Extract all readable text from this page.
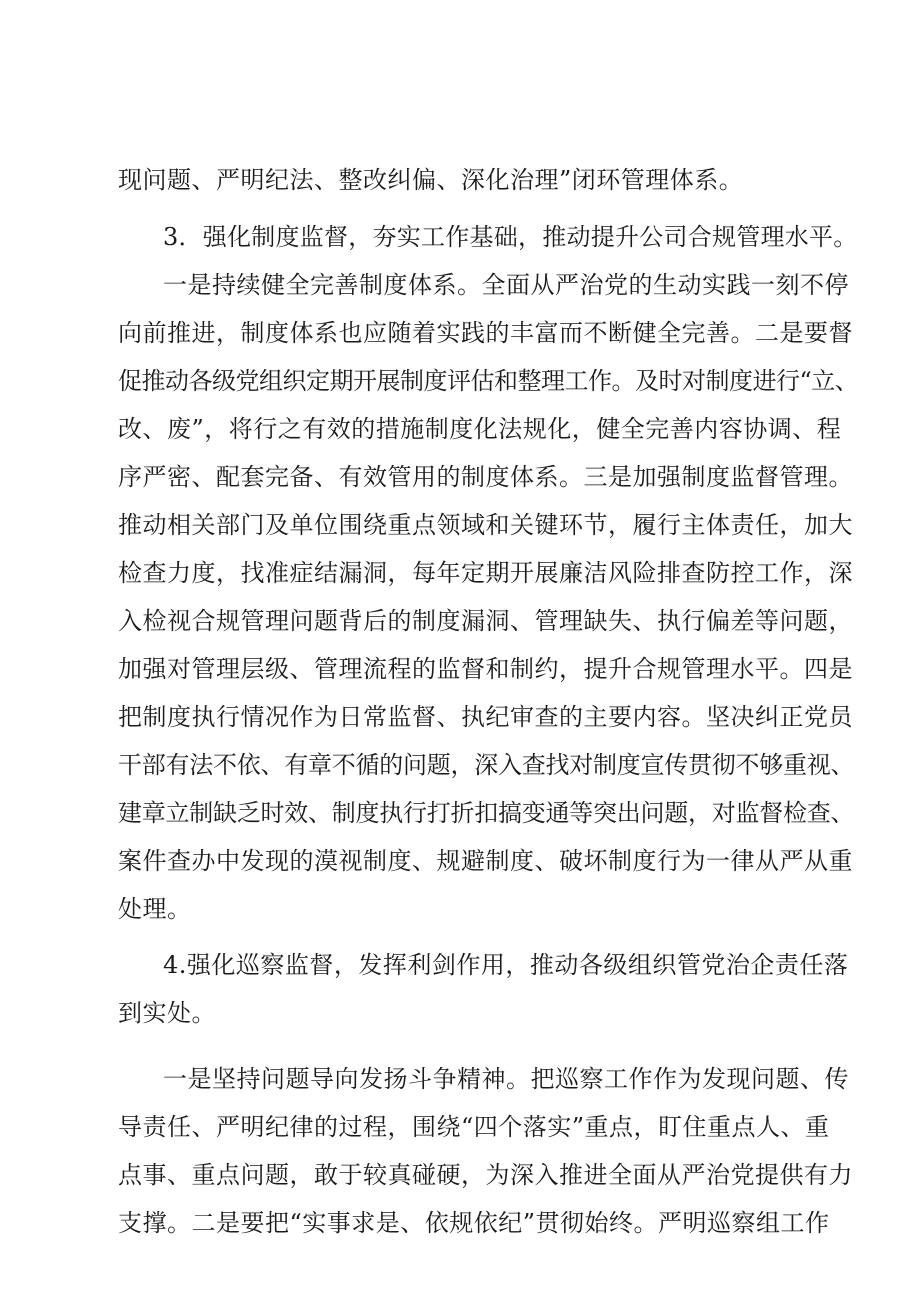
现问题、严明纪法、整改纠偏、深化治理”闭环管理体系。
3．强化制度监督，夯实工作基础，推动提升公司合规管理水平。
一是持续健全完善制度体系。全面从严治党的生动实践一刻不停
向前推进，制度体系也应随着实践的丰富而不断健全完善。二是要督
促推动各级党组织定期开展制度评估和整理工作。及时对制度进行“立、
改、废”，将行之有效的措施制度化法规化，健全完善内容协调、程
序严密、配套完备、有效管用的制度体系。三是加强制度监督管理。
推动相关部门及单位围绕重点领域和关键环节，履行主体责任，加大
检查力度，找准症结漏洞，每年定期开展廉洁风险排查防控工作，深
入检视合规管理问题背后的制度漏洞、管理缺失、执行偏差等问题，
加强对管理层级、管理流程的监督和制约，提升合规管理水平。四是
把制度执行情况作为日常监督、执纪审查的主要内容。坚决纠正党员
干部有法不依、有章不循的问题，深入查找对制度宣传贯彻不够重视、
建章立制缺乏时效、制度执行打折扣搞变通等突出问题，对监督检查、
案件查办中发现的漠视制度、规避制度、破坏制度行为一律从严从重
处理。
4.强化巡察监督，发挥利剑作用，推动各级组织管党治企责任落
到实处。
一是坚持问题导向发扬斗争精神。把巡察工作作为发现问题、传
导责任、严明纪律的过程，围绕“四个落实”重点，盯住重点人、重
点事、重点问题，敢于较真碰硬，为深入推进全面从严治党提供有力
支撑。二是要把“实事求是、依规依纪”贯彻始终。严明巡察组工作
